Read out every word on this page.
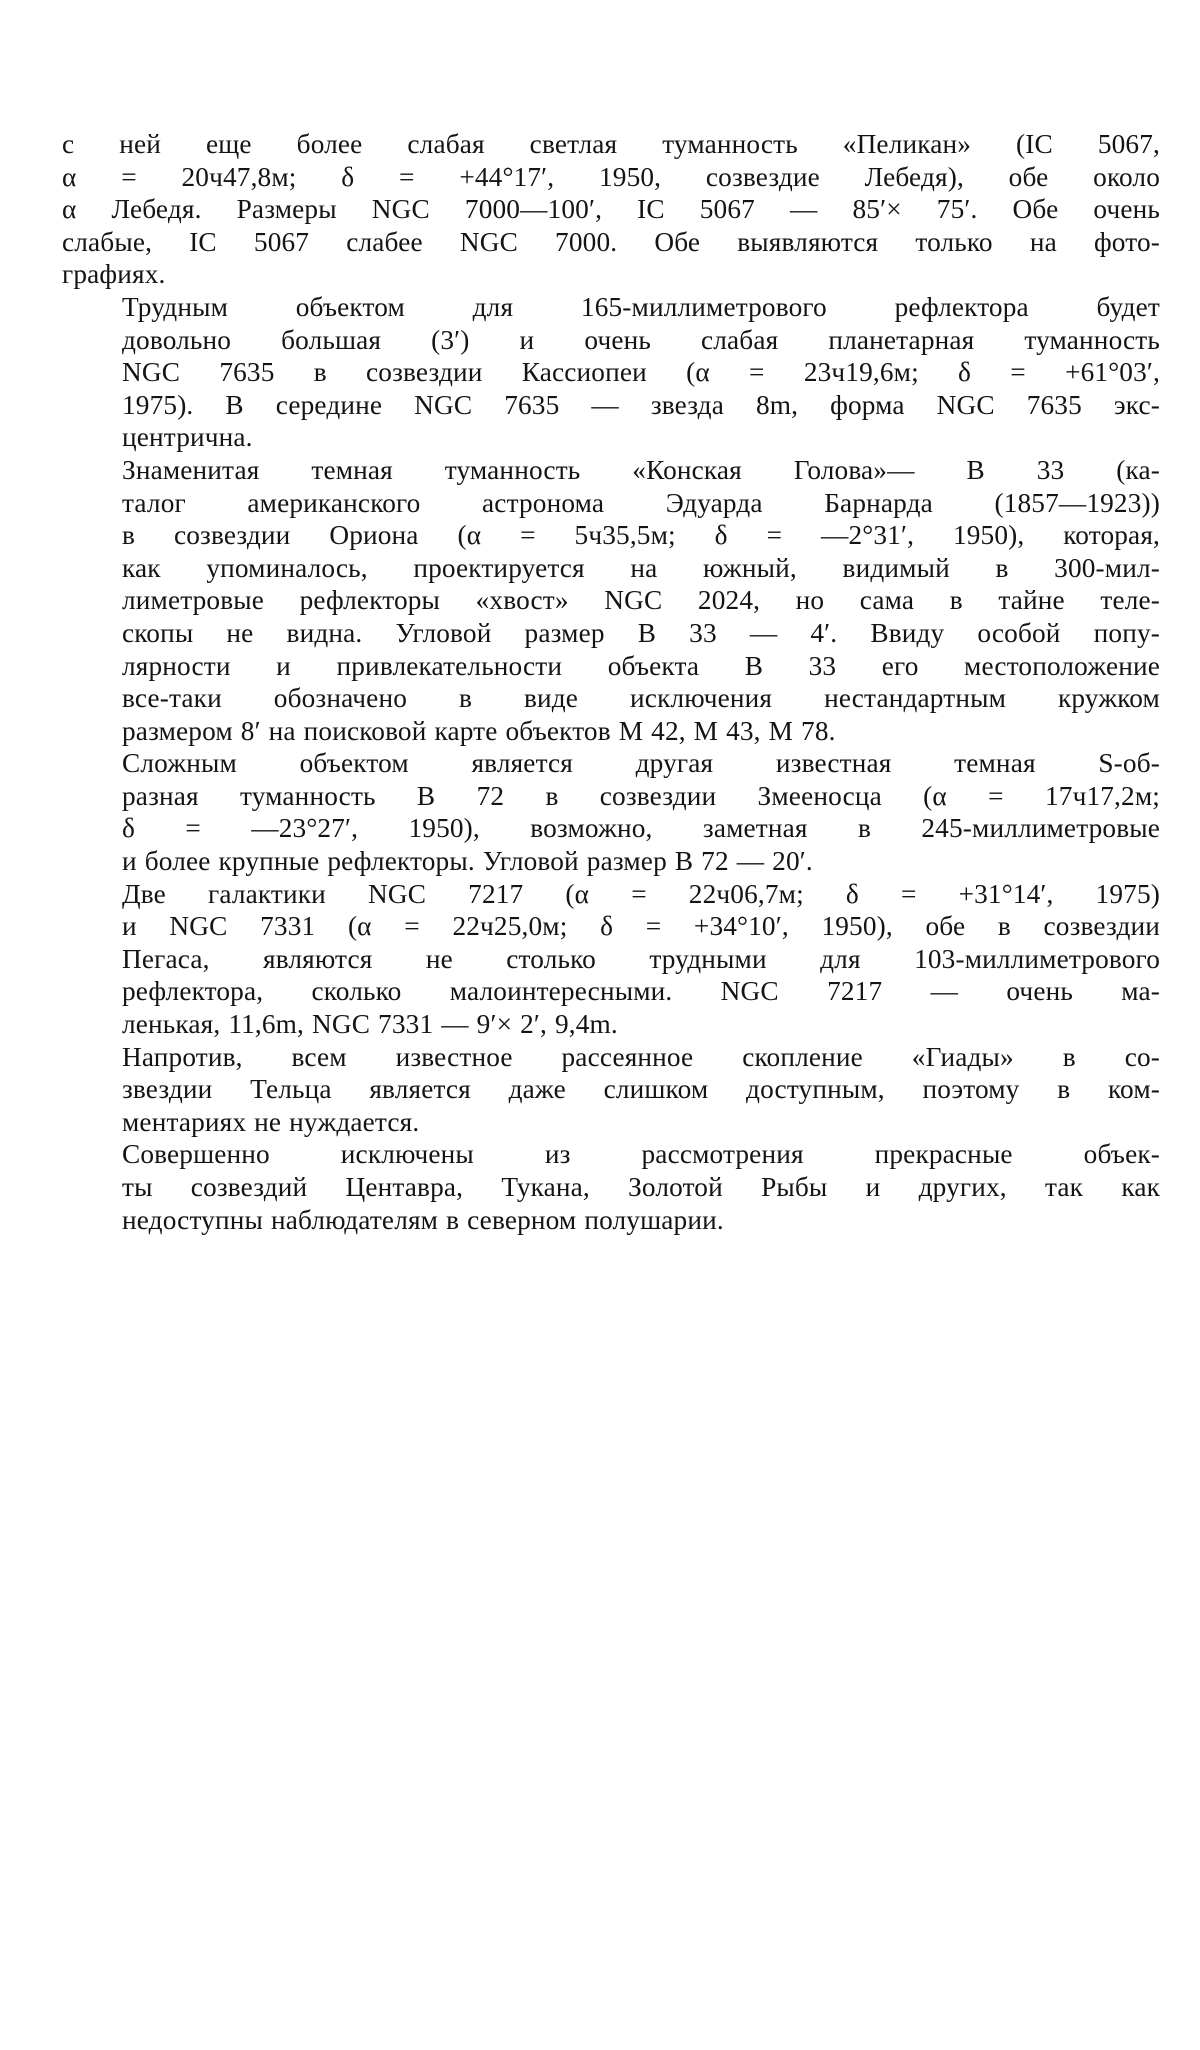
с ней еще более слабая светлая туманность «Пеликан» (IC 5067,
α = 20ч47,8м; δ = +44°17′, 1950, созвездие Лебедя), обе около
α Лебедя. Размеры NGC 7000—100′, IC 5067 — 85′× 75′. Обе очень
слабые, IC 5067 слабее NGC 7000. Обе выявляются только на фото-
графиях.

Трудным объектом для 165-миллиметрового рефлектора будет
довольно большая (3′) и очень слабая планетарная туманность
NGC 7635 в созвездии Кассиопеи (α = 23ч19,6м; δ = +61°03′,
1975). В середине NGC 7635 — звезда 8m, форма NGC 7635 экс-
центрична.

Знаменитая темная туманность «Конская Голова»— B 33 (ка-
талог американского астронома Эдуарда Барнарда (1857—1923))
в созвездии Ориона (α = 5ч35,5м; δ = —2°31′, 1950), которая,
как упоминалось, проектируется на южный, видимый в 300-мил-
лиметровые рефлекторы «хвост» NGC 2024, но сама в тайне теле-
скопы не видна. Угловой размер B 33 — 4′. Ввиду особой попу-
лярности и привлекательности объекта B 33 его местоположение
все-таки обозначено в виде исключения нестандартным кружком
размером 8′ на поисковой карте объектов М 42, М 43, М 78.

Сложным объектом является другая известная темная S-об-
разная туманность B 72 в созвездии Змееносца (α = 17ч17,2м;
δ = —23°27′, 1950), возможно, заметная в 245-миллиметровые
и более крупные рефлекторы. Угловой размер B 72 — 20′.

Две галактики NGC 7217 (α = 22ч06,7м; δ = +31°14′, 1975)
и NGC 7331 (α = 22ч25,0м; δ = +34°10′, 1950), обе в созвездии
Пегаса, являются не столько трудными для 103-миллиметрового
рефлектора, сколько малоинтересными. NGC 7217 — очень ма-
ленькая, 11,6m, NGC 7331 — 9′× 2′, 9,4m.

Напротив, всем известное рассеянное скопление «Гиады» в со-
звездии Тельца является даже слишком доступным, поэтому в ком-
ментариях не нуждается.

Совершенно исключены из рассмотрения прекрасные объек-
ты созвездий Центавра, Тукана, Золотой Рыбы и других, так как
недоступны наблюдателям в северном полушарии.
